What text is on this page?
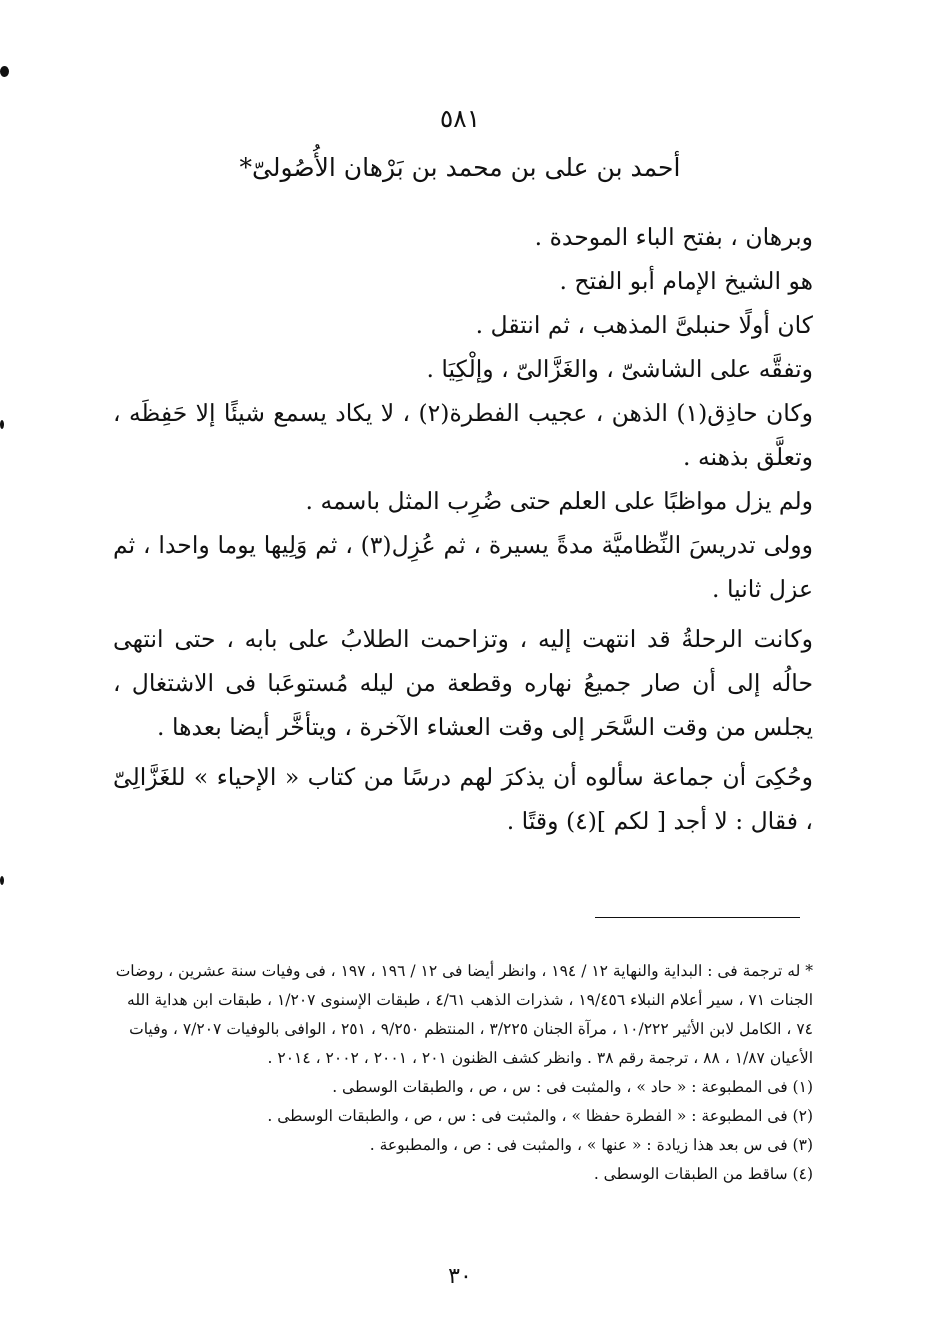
٥٨١
أحمد بن على بن محمد بن بَرْهان الأُصُولىّ*

وبرهان ، بفتح الباء الموحدة .

هو الشيخ الإمام أبو الفتح .

كان أولًا حنبلىَّ المذهب ، ثم انتقل .

وتفقَّه على الشاشىّ ، والغَزَّالىّ ، وإلْكِيَا .

وكان حاذِق(١) الذهن ، عجيب الفطرة(٢) ، لا يكاد يسمع شيئًا إلا حَفِظَه ، وتعلَّق بذهنه .

ولم يزل مواظبًا على العلم حتى ضُرِب المثل باسمه .

وولى تدريسَ النِّظاميَّة مدةً يسيرة ، ثم عُزِل(٣) ، ثم وَلِيها يوما واحدا ، ثم عزل ثانيا .

وكانت الرحلةُ قد انتهت إليه ، وتزاحمت الطلابُ على بابه ، حتى انتهى حالُه إلى أن صار جميعُ نهاره وقطعة من ليله مُستوعَبا فى الاشتغال ، يجلس من وقت السَّحَر إلى وقت العشاء الآخرة ، ويتأخَّر أيضا بعدها .

وحُكِىَ أن جماعة سألوه أن يذكرَ لهم درسًا من كتاب « الإحياء » للغَزَّالِىّ ، فقال : لا أجد [ لكم ](٤) وقتًا .

* له ترجمة فى : البداية والنهاية ١٢ / ١٩٤ ، وانظر أيضا فى ١٢ / ١٩٦ ، ١٩٧ ، فى وفيات سنة عشرين ، روضات الجنات ٧١ ، سير أعلام النبلاء ١٩/٤٥٦ ، شذرات الذهب ٤/٦١ ، طبقات الإسنوى ١/٢٠٧ ، طبقات ابن هداية الله ٧٤ ، الكامل لابن الأثير ١٠/٢٢٢ ، مرآة الجنان ٣/٢٢٥ ، المنتظم ٩/٢٥٠ ، ٢٥١ ، الوافى بالوفيات ٧/٢٠٧ ، وفيات الأعيان ١/٨٧ ، ٨٨ ، ترجمة رقم ٣٨ . وانظر كشف الظنون ٢٠١ ، ٢٠٠١ ، ٢٠٠٢ ، ٢٠١٤ .

(١) فى المطبوعة : « حاد » ، والمثبت فى : س ، ص ، والطبقات الوسطى .

(٢) فى المطبوعة : « الفطرة حفظا » ، والمثبت فى : س ، ص ، والطبقات الوسطى .

(٣) فى س بعد هذا زيادة : « عنها » ، والمثبت فى : ص ، والمطبوعة .

(٤) ساقط من الطبقات الوسطى .

٣٠
